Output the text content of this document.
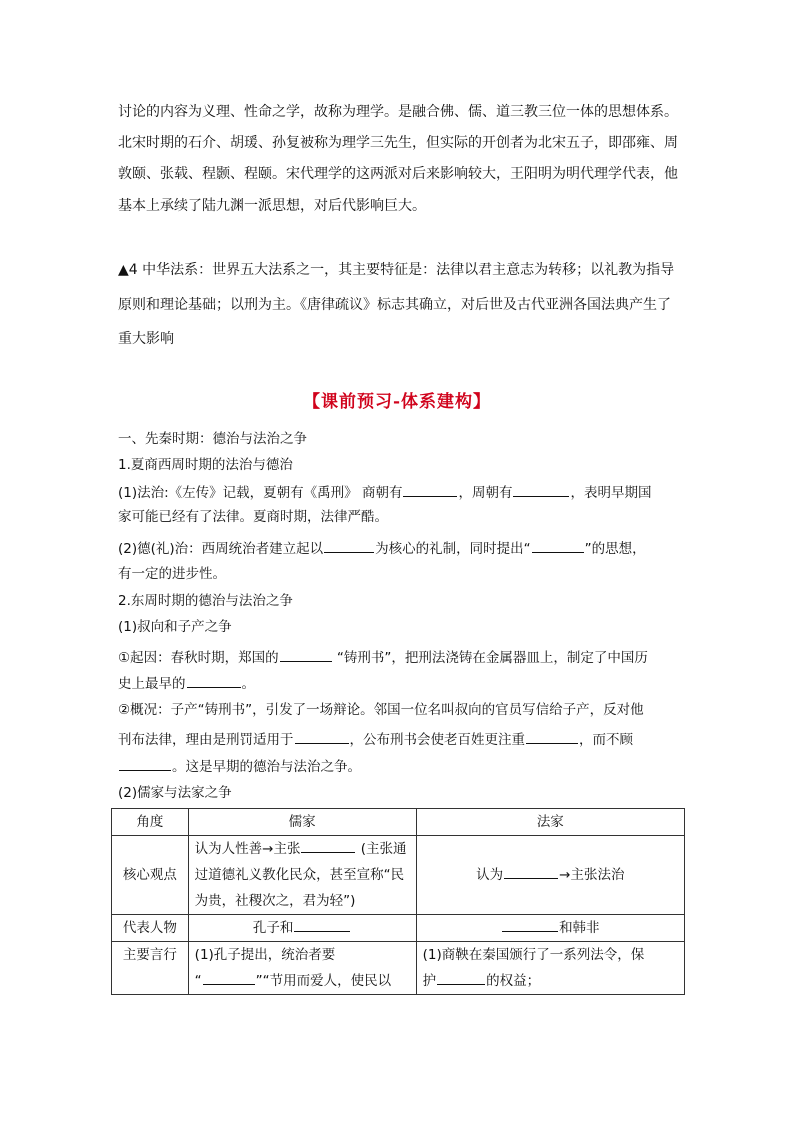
讨论的内容为义理、性命之学，故称为理学。是融合佛、儒、道三教三位一体的思想体系。
北宋时期的石介、胡瑗、孙复被称为理学三先生，但实际的开创者为北宋五子，即邵雍、周
敦颐、张载、程颢、程颐。宋代理学的这两派对后来影响较大，王阳明为明代理学代表，他
基本上承续了陆九渊一派思想，对后代影响巨大。
▲4 中华法系：世界五大法系之一，其主要特征是：法律以君主意志为转移；以礼教为指导
原则和理论基础；以刑为主。《唐律疏议》标志其确立，对后世及古代亚洲各国法典产生了
重大影响
【课前预习-体系建构】
一、先秦时期：德治与法治之争
1.夏商西周时期的法治与德治
(1)法治:《左传》记载，夏朝有《禹刑》 商朝有	，周朝有	，表明早期国
家可能已经有了法律。夏商时期，法律严酷。
(2)德(礼)治：西周统治者建立起以	为核心的礼制，同时提出“	”的思想，
有一定的进步性。
2.东周时期的德治与法治之争
(1)叔向和子产之争
①起因：春秋时期，郑国的	“铸刑书”，把刑法浇铸在金属器皿上，制定了中国历
史上最早的	。
②概况：子产“铸刑书”，引发了一场辩论。邻国一位名叫叔向的官员写信给子产，反对他
刊布法律，理由是刑罚适用于	，公布刑书会使老百姓更注重	，而不顾
。这是早期的德治与法治之争。
(2)儒家与法家之争
角度	儒家	法家
核心观点	认为人性善→主张 (主张通
过道德礼义教化民众，甚至宣称“民
为贵，社稷次之，君为轻”)	认为 →主张法治
代表人物	孔子和	和韩非
主要言行	(1)孔子提出，统治者要
“ ”“节用而爱人，使民以	(1)商鞅在秦国颁行了一系列法令，保
护 的权益；
